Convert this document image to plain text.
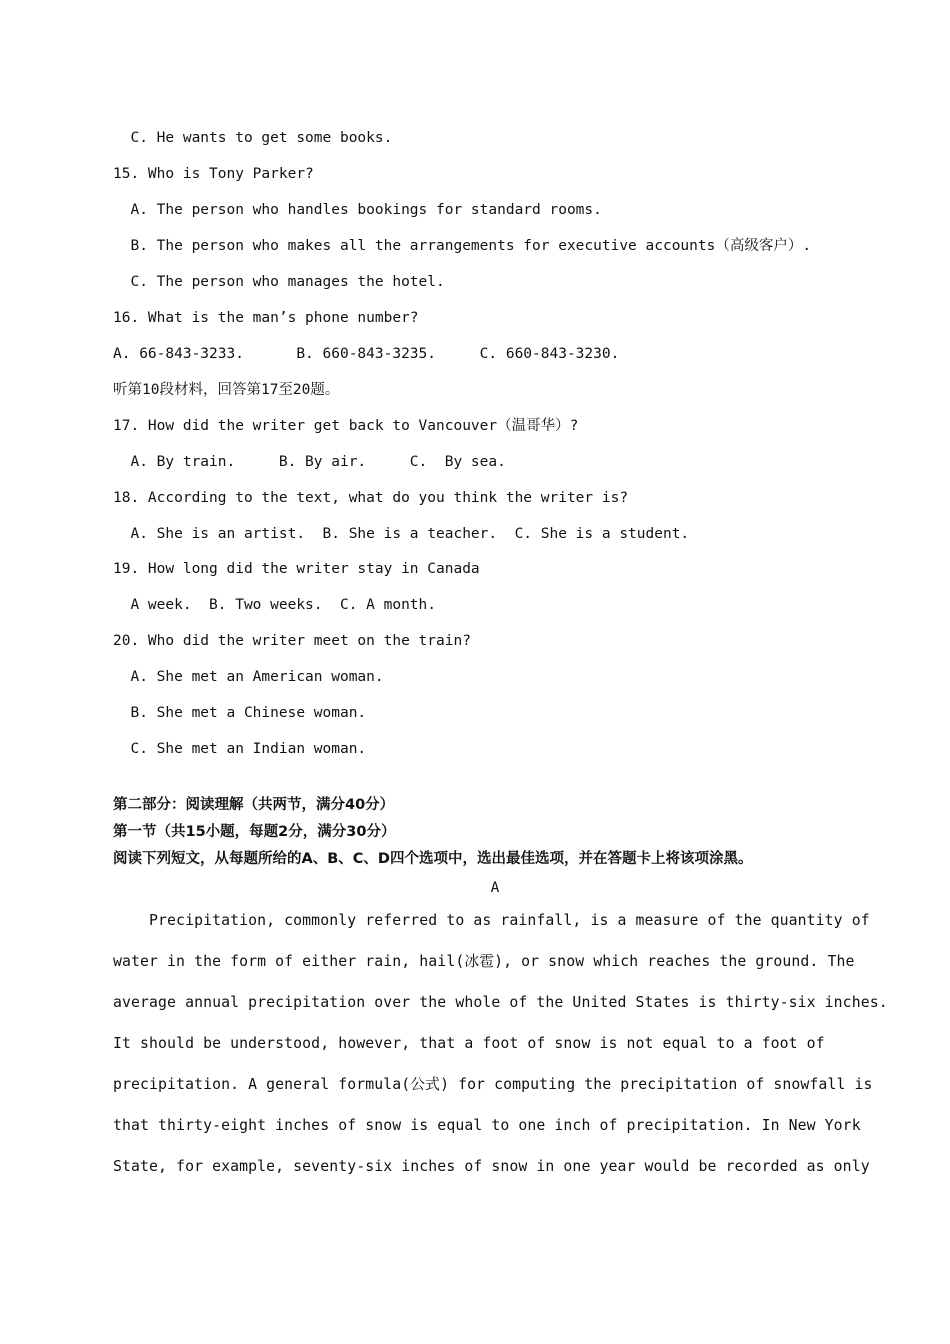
C. He wants to get some books.
15. Who is Tony Parker?
A. The person who handles bookings for standard rooms.
B. The person who makes all the arrangements for executive accounts（高级客户）.
C. The person who manages the hotel.
16. What is the man’s phone number?
A. 66-843-3233.      B. 660-843-3235.     C. 660-843-3230.
听第10段材料，回答第17至20题。
17. How did the writer get back to Vancouver（温哥华）?
A. By train.     B. By air.     C.  By sea.
18. According to the text, what do you think the writer is?
A. She is an artist.  B. She is a teacher.  C. She is a student.
19. How long did the writer stay in Canada
A week.  B. Two weeks.  C. A month.
20. Who did the writer meet on the train?
A. She met an American woman.
B. She met a Chinese woman.
C. She met an Indian woman.
第二部分：阅读理解（共两节，满分40分）
第一节（共15小题，每题2分，满分30分）
阅读下列短文，从每题所给的A、B、C、D四个选项中，选出最佳选项，并在答题卡上将该项涂黑。
A
Precipitation, commonly referred to as rainfall, is a measure of the quantity of
water in the form of either rain, hail(冰雹), or snow which reaches the ground. The
average annual precipitation over the whole of the United States is thirty-six inches.
It should be understood, however, that a foot of snow is not equal to a foot of
precipitation. A general formula(公式) for computing the precipitation of snowfall is
that thirty-eight inches of snow is equal to one inch of precipitation. In New York
State, for example, seventy-six inches of snow in one year would be recorded as only
